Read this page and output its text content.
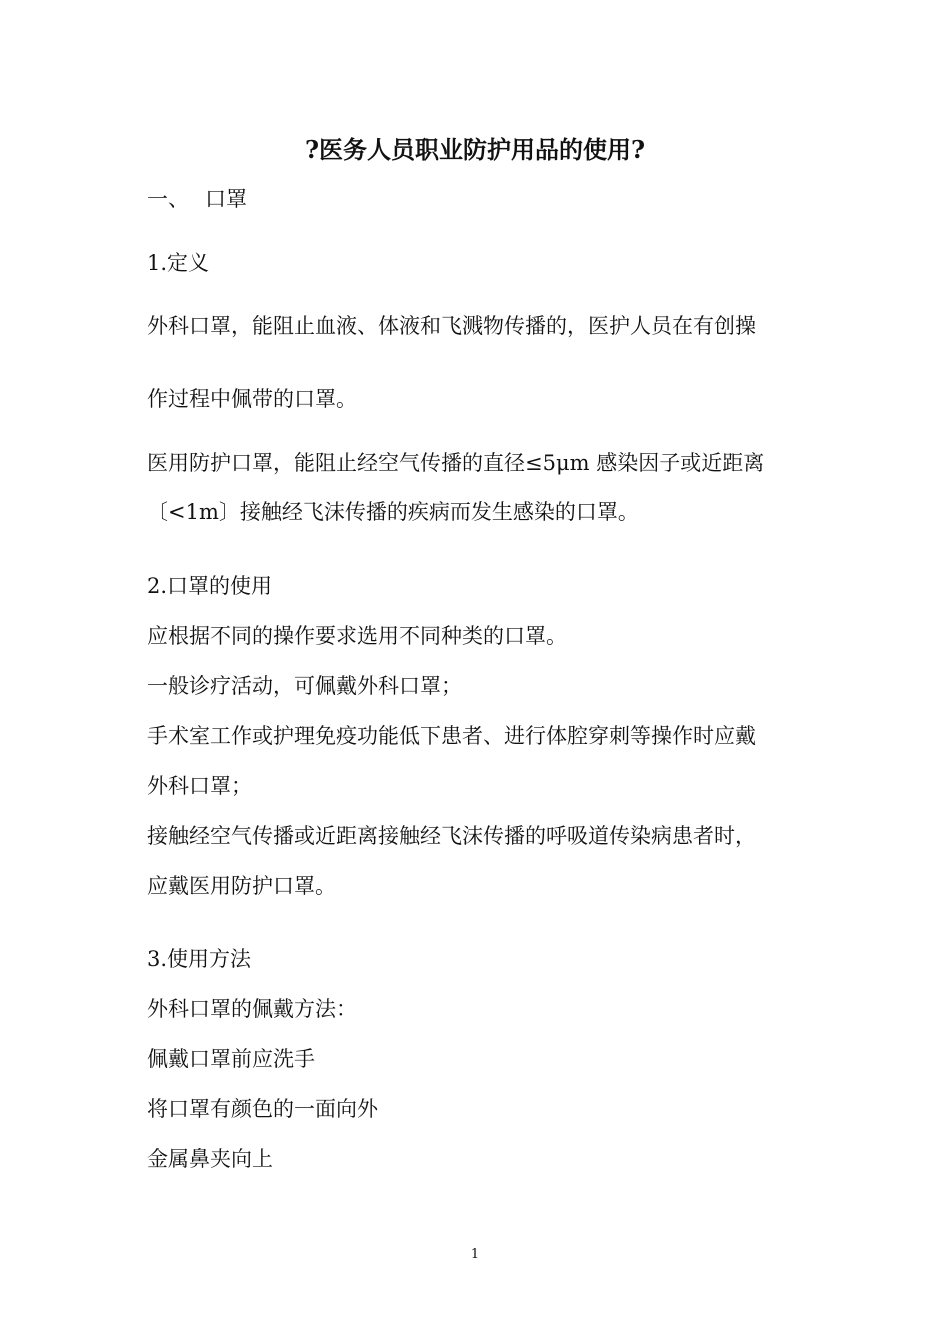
?医务人员职业防护用品的使用?
一、 口罩
1.定义
外科口罩，能阻止血液、体液和飞溅物传播的，医护人员在有创操
作过程中佩带的口罩。
医用防护口罩，能阻止经空气传播的直径≤5μm 感染因子或近距离
〔<1m〕接触经飞沫传播的疾病而发生感染的口罩。
2.口罩的使用
应根据不同的操作要求选用不同种类的口罩。
一般诊疗活动，可佩戴外科口罩；
手术室工作或护理免疫功能低下患者、进行体腔穿刺等操作时应戴
外科口罩；
接触经空气传播或近距离接触经飞沫传播的呼吸道传染病患者时，
应戴医用防护口罩。
3.使用方法
外科口罩的佩戴方法：
佩戴口罩前应洗手
将口罩有颜色的一面向外
金属鼻夹向上
1
